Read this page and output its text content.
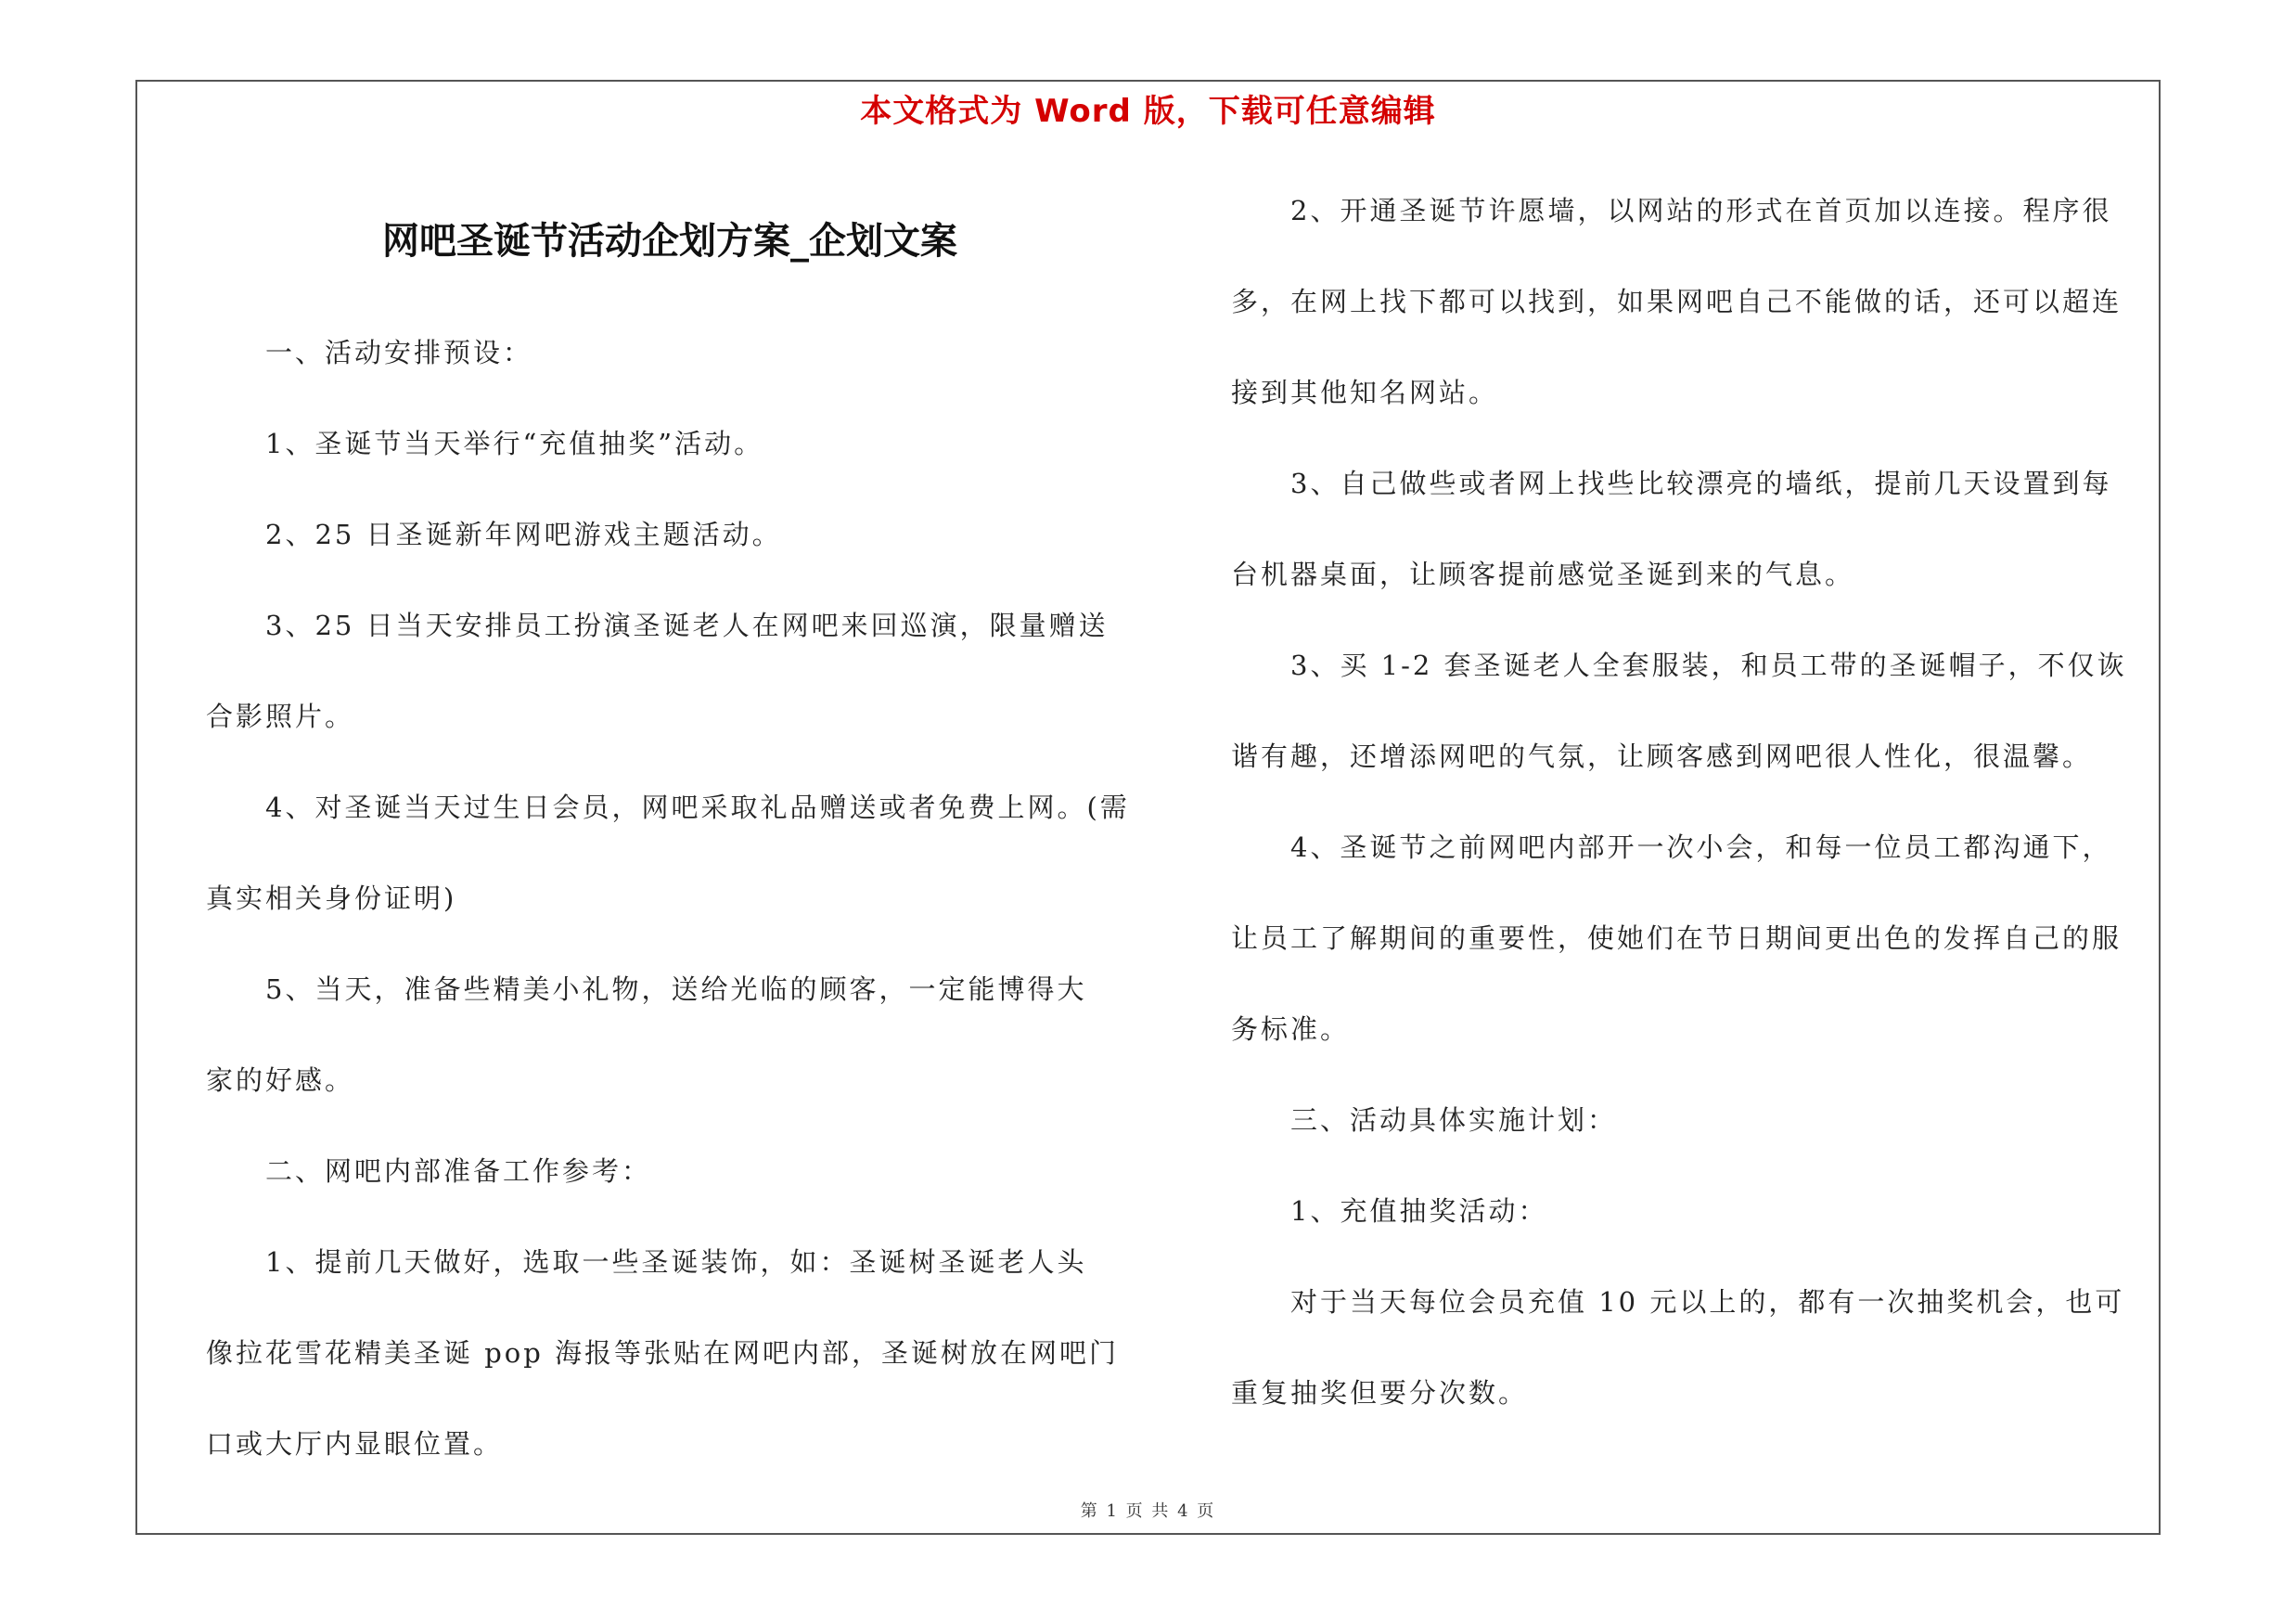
本文格式为 Word 版，下载可任意编辑
网吧圣诞节活动企划方案_企划文案
一、活动安排预设：
1、圣诞节当天举行“充值抽奖”活动。
2、25 日圣诞新年网吧游戏主题活动。
3、25 日当天安排员工扮演圣诞老人在网吧来回巡演，限量赠送
合影照片。
4、对圣诞当天过生日会员，网吧采取礼品赠送或者免费上网。(需
真实相关身份证明)
5、当天，准备些精美小礼物，送给光临的顾客，一定能博得大
家的好感。
二、网吧内部准备工作参考：
1、提前几天做好，选取一些圣诞装饰，如：圣诞树圣诞老人头
像拉花雪花精美圣诞 pop 海报等张贴在网吧内部，圣诞树放在网吧门
口或大厅内显眼位置。
2、开通圣诞节许愿墙，以网站的形式在首页加以连接。程序很
多，在网上找下都可以找到，如果网吧自己不能做的话，还可以超连
接到其他知名网站。
3、自己做些或者网上找些比较漂亮的墙纸，提前几天设置到每
台机器桌面，让顾客提前感觉圣诞到来的气息。
3、买 1-2 套圣诞老人全套服装，和员工带的圣诞帽子，不仅诙
谐有趣，还增添网吧的气氛，让顾客感到网吧很人性化，很温馨。
4、圣诞节之前网吧内部开一次小会，和每一位员工都沟通下，
让员工了解期间的重要性，使她们在节日期间更出色的发挥自己的服
务标准。
三、活动具体实施计划：
1、充值抽奖活动：
对于当天每位会员充值 10 元以上的，都有一次抽奖机会，也可
重复抽奖但要分次数。
第 1 页 共 4 页
